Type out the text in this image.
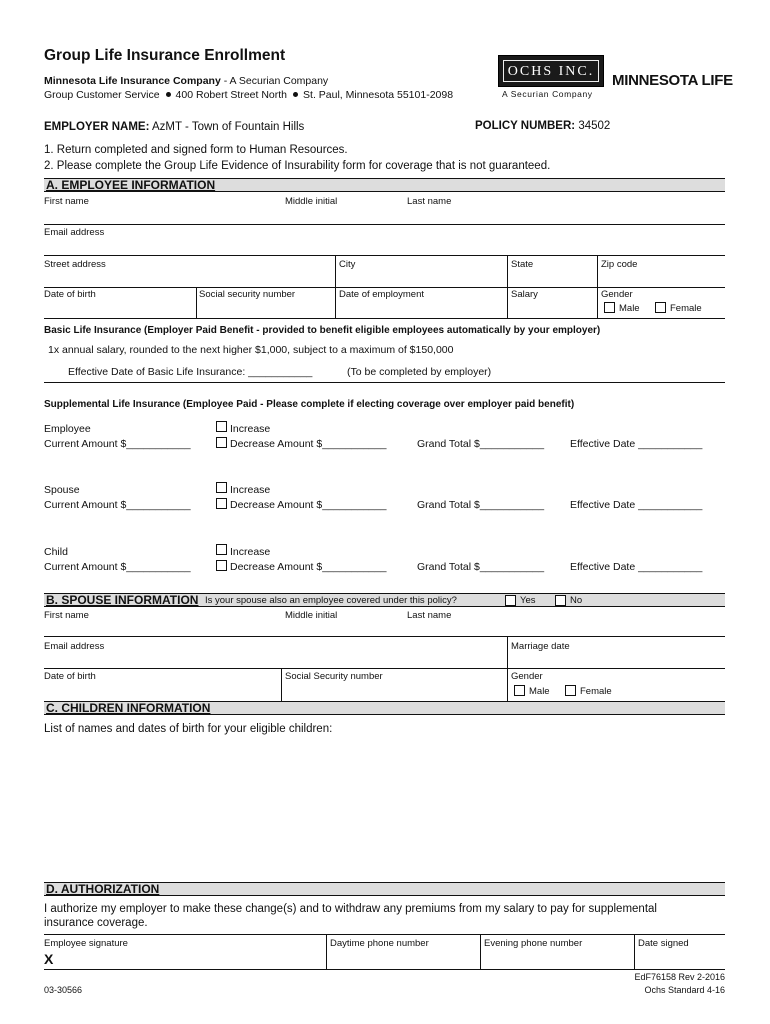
Group Life Insurance Enrollment
Minnesota Life Insurance Company - A Securian Company
Group Customer Service 400 Robert Street North St. Paul, Minnesota 55101-2098
OCHS INC.
A Securian Company
MINNESOTA LIFE
EMPLOYER NAME: AzMT - Town of Fountain Hills	POLICY NUMBER: 34502
1. Return completed and signed form to Human Resources.
2. Please complete the Group Life Evidence of Insurability form for coverage that is not guaranteed.
A. EMPLOYEE INFORMATION
First name	Middle initial	Last name
Email address
Street address	City	State	Zip code
Date of birth	Social security number	Date of employment	Salary	Gender
Male	Female
Basic Life Insurance (Employer Paid Benefit - provided to benefit eligible employees automatically by your employer)
1x annual salary, rounded to the next higher $1,000, subject to a maximum of $150,000
Effective Date of Basic Life Insurance: ___________	(To be completed by employer)
Supplemental Life Insurance (Employee Paid - Please complete if electing coverage over employer paid benefit)
Employee
Current Amount $___________
Increase
Decrease Amount $___________	Grand Total $___________ Effective Date ___________
Spouse
Current Amount $___________
Increase
Decrease Amount $___________	Grand Total $___________ Effective Date ___________
Child
Current Amount $___________
Increase
Decrease Amount $___________	Grand Total $___________ Effective Date ___________
B. SPOUSE INFORMATION Is your spouse also an employee covered under this policy?	Yes	No
First name	Middle initial	Last name
Email address	Marriage date
Date of birth	Social Security number	Gender
Male	Female
C. CHILDREN INFORMATION
List of names and dates of birth for your eligible children:
D. AUTHORIZATION
I authorize my employer to make these change(s) and to withdraw any premiums from my salary to pay for supplemental
insurance coverage.
Employee signature
X
Daytime phone number	Evening phone number	Date signed
EdF76158 Rev 2-2016
Ochs Standard 4-16
03-30566
